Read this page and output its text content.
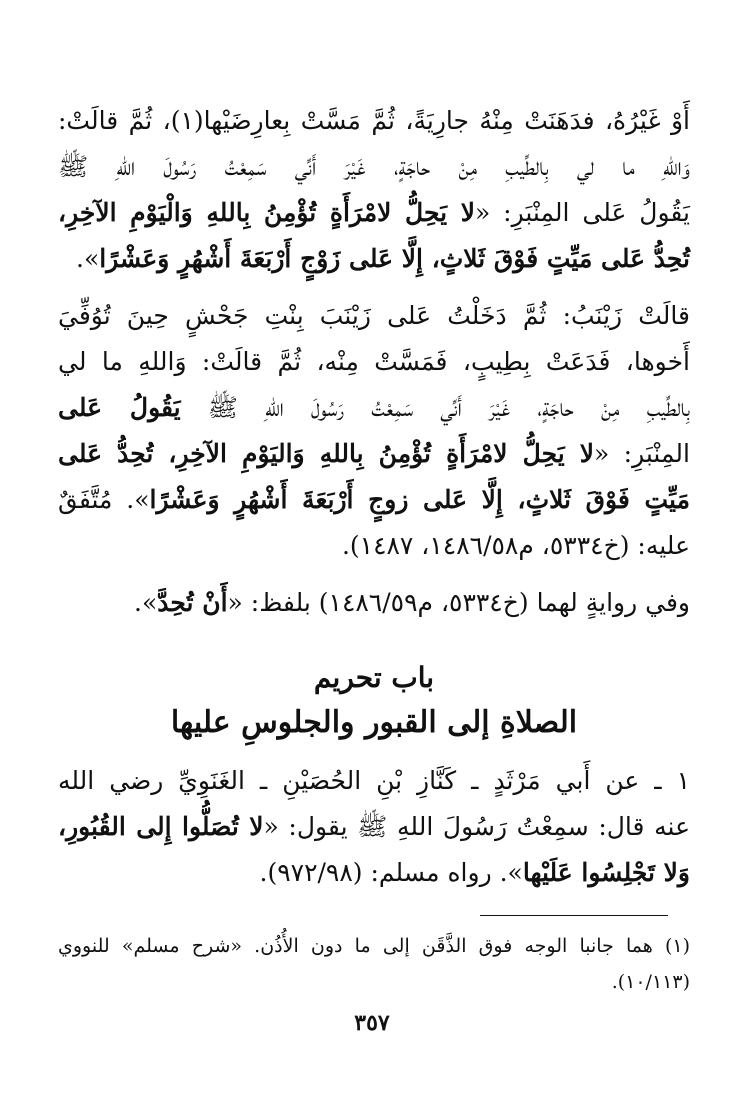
أَوْ غَيْرُهُ، فدَهَنَتْ مِنْهُ جارِيَةً، ثُمَّ مَسَّتْ بِعارِضَيْها(١)، ثُمَّ قالَتْ:
وَاللهِ ما لي بِالطِّيبِ مِنْ حاجَةٍ، غَيْرَ أَنِّي سَمِعْتُ رَسُولَ اللهِ ﷺ
يَقُولُ عَلى المِنْبَرِ: «لا يَحِلُّ لامْرَأَةٍ تُؤْمِنُ بِاللهِ وَالْيَوْمِ الآخِرِ،
تُحِدُّ عَلى مَيِّتٍ فَوْقَ ثَلاثٍ، إِلَّا عَلى زَوْجٍ أَرْبَعَةَ أَشْهُرٍ وَعَشْرًا».
قالَتْ زَيْنَبُ: ثُمَّ دَخَلْتُ عَلى زَيْنَبَ بِنْتِ جَحْشٍ حِينَ تُوُفِّيَ
أَخوها، فَدَعَتْ بِطِيبٍ، فَمَسَّتْ مِنْه، ثُمَّ قالَتْ: وَاللهِ ما لي
بِالطِّيبِ مِنْ حاجَةٍ، غَيْرَ أَنِّي سَمِعْتُ رَسُولَ اللهِ ﷺ يَقُولُ عَلى
المِنْبَرِ: «لا يَحِلُّ لامْرَأَةٍ تُؤْمِنُ بِاللهِ وَاليَوْمِ الآخِرِ، تُحِدُّ عَلى
مَيِّتٍ فَوْقَ ثَلاثٍ، إِلَّا عَلى زوجٍ أَرْبَعَةَ أَشْهُرٍ وَعَشْرًا». مُتَّفَقٌ
عليه: (خ٥٣٣٤، م١٤٨٦/٥٨، ١٤٨٧).
وفي روايةٍ لهما (خ٥٣٣٤، م١٤٨٦/٥٩) بلفظ: «أَنْ تُحِدَّ».
باب تحريم
الصلاةِ إلى القبور والجلوسِ عليها
١ ـ عن أَبي مَرْثَدٍ ـ كَنَّازِ بْنِ الحُصَيْنِ ـ الغَنَوِيِّ رضي الله
عنه قال: سمِعْتُ رَسُولَ اللهِ ﷺ يقول: «لا تُصَلُّوا إِلى القُبُورِ،
وَلا تَجْلِسُوا عَلَيْها». رواه مسلم: (٩٧٢/٩٨).
(١) هما جانبا الوجه فوق الذَّقَن إلى ما دون الأُذُن. «شرح مسلم» للنووي
(١٠/١١٣).
٣٥٧
